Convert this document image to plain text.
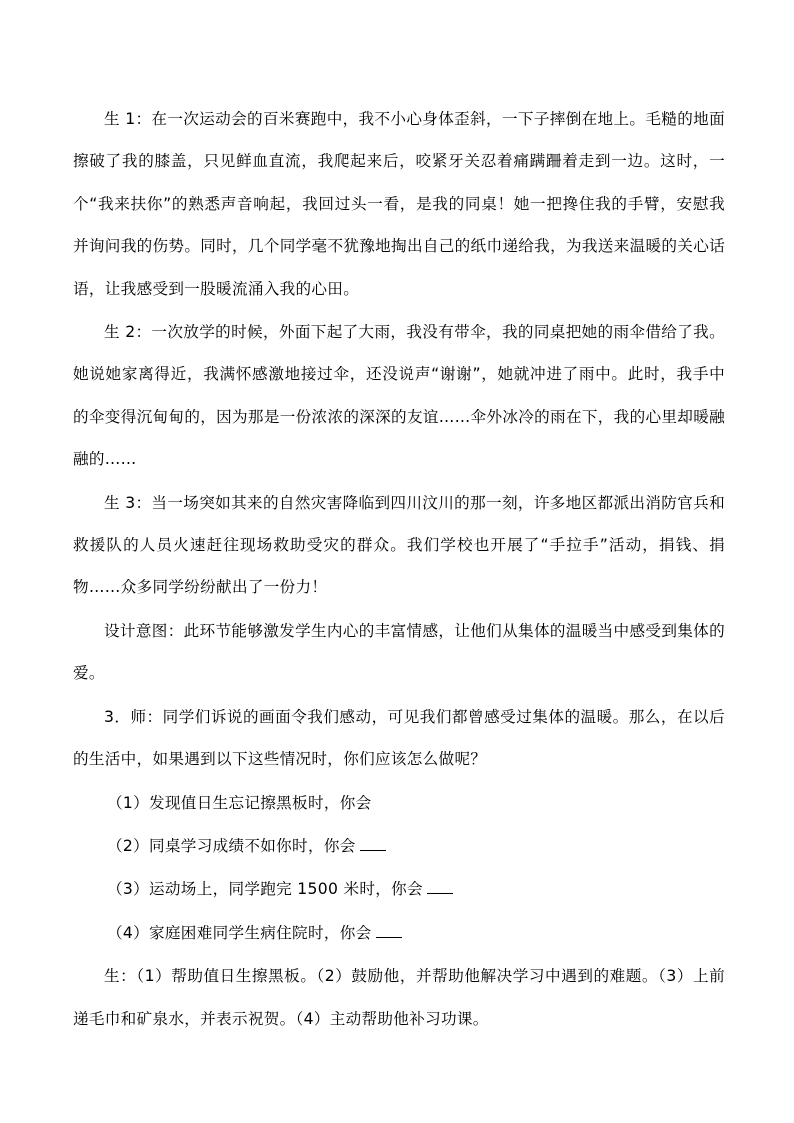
生 1：在一次运动会的百米赛跑中，我不小心身体歪斜，一下子摔倒在地上。毛糙的地面擦破了我的膝盖，只见鲜血直流，我爬起来后，咬紧牙关忍着痛蹒跚着走到一边。这时，一个“我来扶你”的熟悉声音响起，我回过头一看，是我的同桌！她一把搀住我的手臂，安慰我并询问我的伤势。同时，几个同学毫不犹豫地掏出自己的纸巾递给我，为我送来温暖的关心话语，让我感受到一股暖流涌入我的心田。

生 2：一次放学的时候，外面下起了大雨，我没有带伞，我的同桌把她的雨伞借给了我。她说她家离得近，我满怀感激地接过伞，还没说声“谢谢”，她就冲进了雨中。此时，我手中的伞变得沉甸甸的，因为那是一份浓浓的深深的友谊……伞外冰冷的雨在下，我的心里却暖融融的……

生 3：当一场突如其来的自然灾害降临到四川汶川的那一刻，许多地区都派出消防官兵和救援队的人员火速赶往现场救助受灾的群众。我们学校也开展了“手拉手”活动，捐钱、捐物……众多同学纷纷献出了一份力！

设计意图：此环节能够激发学生内心的丰富情感，让他们从集体的温暖当中感受到集体的爱。

3．师：同学们诉说的画面令我们感动，可见我们都曾感受过集体的温暖。那么，在以后的生活中，如果遇到以下这些情况时，你们应该怎么做呢？

（1）发现值日生忘记擦黑板时，你会

（2）同桌学习成绩不如你时，你会

（3）运动场上，同学跑完 1500 米时，你会

（4）家庭困难同学生病住院时，你会

生：（1）帮助值日生擦黑板。（2）鼓励他，并帮助他解决学习中遇到的难题。（3）上前递毛巾和矿泉水，并表示祝贺。（4）主动帮助他补习功课。
